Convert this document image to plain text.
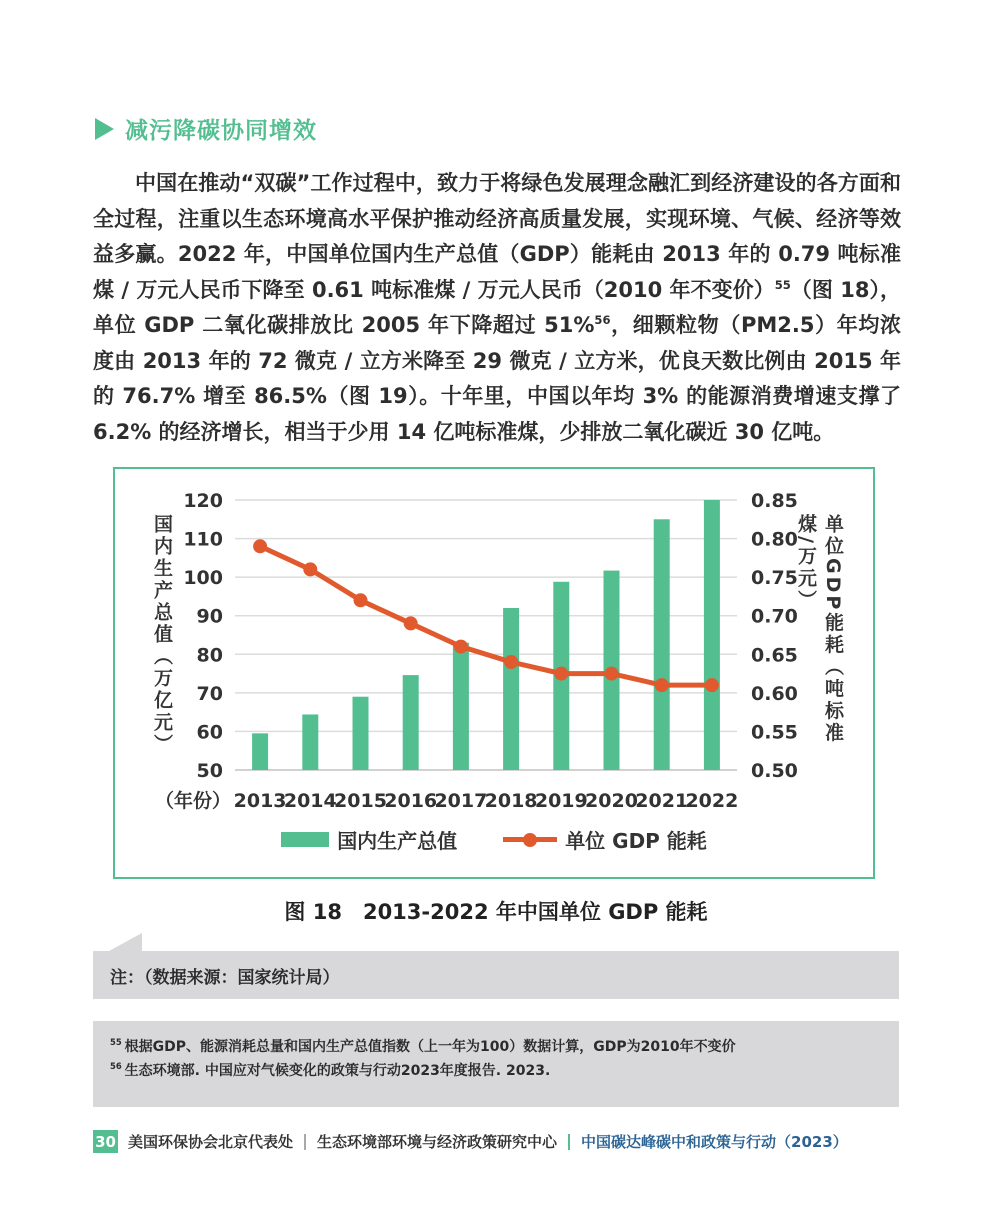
减污降碳协同增效

中国在推动“双碳”工作过程中，致力于将绿色发展理念融汇到经济建设的各方面和全过程，注重以生态环境高水平保护推动经济高质量发展，实现环境、气候、经济等效益多赢。2022 年，中国单位国内生产总值（GDP）能耗由 2013 年的 0.79 吨标准煤 / 万元人民币下降至 0.61 吨标准煤 / 万元人民币（2010 年不变价）$^{55}$（图 18），单位 GDP 二氧化碳排放比 2005 年下降超过 51%$^{56}$，细颗粒物（PM2.5）年均浓度由 2013 年的 72 微克 / 立方米降至 29 微克 / 立方米，优良天数比例由 2015 年的 76.7% 增至 86.5%（图 19）。十年里，中国以年均 3% 的能源消费增速支撑了 6.2% 的经济增长，相当于少用 14 亿吨标准煤，少排放二氧化碳近 30 亿吨。

50
60
70
80
90
100
110
120
0.50
0.55
0.60
0.65
0.70
0.75
0.80
0.85
（年份） 2013
2014
2015
2016
2017
2018
2019
2020
2021
2022
国内生产总值（万亿元）	单位GDP能耗（吨标准煤/万元）
国内生产总值	单位 GDP 能耗
图 18　2013-2022 年中国单位 GDP 能耗
注：（数据来源：国家统计局）
$^{55}$ 根据GDP、能源消耗总量和国内生产总值指数（上一年为100）数据计算，GDP为2010年不变价
$^{56}$ 生态环境部. 中国应对气候变化的政策与行动2023年度报告. 2023.
30 美国环保协会北京代表处 生态环境部环境与经济政策研究中心 中国碳达峰碳中和政策与行动（2023）
